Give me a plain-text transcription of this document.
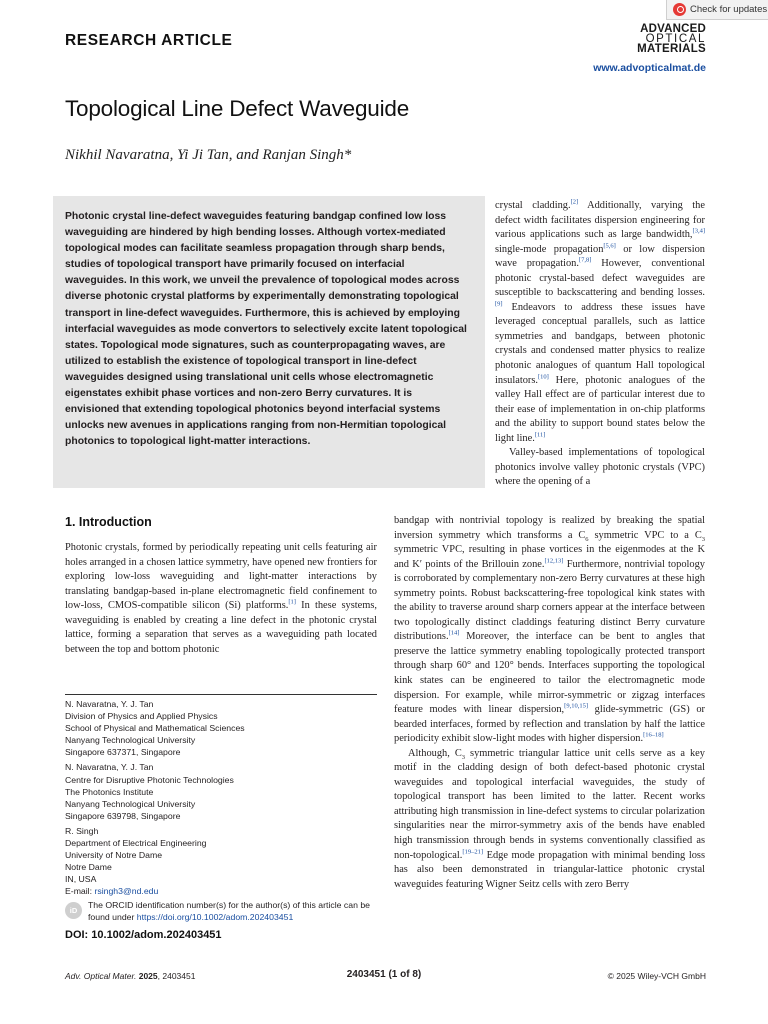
Check for updates
RESEARCH ARTICLE
ADVANCED
OPTICAL
MATERIALS
www.advopticalmat.de
Topological Line Defect Waveguide
Nikhil Navaratna, Yi Ji Tan, and Ranjan Singh*
Photonic crystal line-defect waveguides featuring bandgap confined low loss waveguiding are hindered by high bending losses. Although vortex-mediated topological modes can facilitate seamless propagation through sharp bends, studies of topological transport have primarily focused on interfacial waveguides. In this work, we unveil the prevalence of topological modes across diverse photonic crystal platforms by experimentally demonstrating topological transport in line-defect waveguides. Furthermore, this is achieved by employing interfacial waveguides as mode convertors to selectively excite latent topological states. Topological mode signatures, such as counterpropagating waves, are utilized to establish the existence of topological transport in line-defect waveguides designed using translational unit cells whose electromagnetic eigenstates exhibit phase vortices and non-zero Berry curvatures. It is envisioned that extending topological photonics beyond interfacial systems unlocks new avenues in applications ranging from non-Hermitian topological photonics to topological light-matter interactions.

crystal cladding.[2] Additionally, varying the defect width facilitates dispersion engineering for various applications such as large bandwidth,[3,4] single-mode propagation[5,6] or low dispersion wave propagation.[7,8] However, conventional photonic crystal-based defect waveguides are susceptible to backscattering and bending losses.[9] Endeavors to address these issues have leveraged conceptual parallels, such as lattice symmetries and bandgaps, between photonic crystals and condensed matter physics to realize photonic analogues of quantum Hall topological insulators.[10] Here, photonic analogues of the valley Hall effect are of particular interest due to their ease of implementation in on-chip platforms and the ability to support bound states below the light line.[11]

Valley-based implementations of topological photonics involve valley photonic crystals (VPC) where the opening of a

1. Introduction

Photonic crystals, formed by periodically repeating unit cells featuring air holes arranged in a chosen lattice symmetry, have opened new frontiers for exploring low-loss waveguiding and light-matter interactions by translating bandgap-based in-plane electromagnetic field confinement to low-loss, CMOS-compatible silicon (Si) platforms.[1] In these systems, waveguiding is enabled by creating a line defect in the photonic crystal lattice, forming a separation that serves as a waveguiding path located between the top and bottom photonic

bandgap with nontrivial topology is realized by breaking the spatial inversion symmetry which transforms a $C_6$ symmetric VPC to a $C_3$ symmetric VPC, resulting in phase vortices in the eigenmodes at the K and K′ points of the Brillouin zone.[12,13] Furthermore, nontrivial topology is corroborated by complementary non-zero Berry curvatures at these high symmetry points. Robust backscattering-free topological kink states with the ability to traverse around sharp corners appear at the interface between two topologically distinct claddings featuring distinct Berry curvature distributions.[14] Moreover, the interface can be bent to angles that preserve the lattice symmetry enabling topologically protected transport through sharp 60° and 120° bends. Interfaces supporting the topological kink states can be engineered to tailor the electromagnetic mode dispersion. For example, while mirror-symmetric or zigzag interfaces feature modes with linear dispersion,[9,10,15] glide-symmetric (GS) or bearded interfaces, formed by reflection and translation by half the lattice periodicity exhibit slow-light modes with higher dispersion.[16–18]

Although, $C_3$ symmetric triangular lattice unit cells serve as a key motif in the cladding design of both defect-based photonic crystal waveguides and topological interfacial waveguides, the study of topological transport has been limited to the latter. Recent works attributing high transmission in line-defect systems to circular polarization singularities near the mirror-symmetry axis of the bends have enabled high transmission through bends in systems conventionally classified as non-topological.[19–21] Edge mode propagation with minimal bending loss has also been demonstrated in triangular-lattice photonic crystal waveguides featuring Wigner Seitz cells with zero Berry

N. Navaratna, Y. J. Tan
Division of Physics and Applied Physics
School of Physical and Mathematical Sciences
Nanyang Technological University
Singapore 637371, Singapore
N. Navaratna, Y. J. Tan
Centre for Disruptive Photonic Technologies
The Photonics Institute
Nanyang Technological University
Singapore 639798, Singapore
R. Singh
Department of Electrical Engineering
University of Notre Dame
Notre Dame
IN, USA
E-mail: rsingh3@nd.edu
iD
The ORCID identification number(s) for the author(s) of this article can be found under https://doi.org/10.1002/adom.202403451
DOI: 10.1002/adom.202403451
Adv. Optical Mater. 2025, 2403451	2403451 (1 of 8)	© 2025 Wiley-VCH GmbH
